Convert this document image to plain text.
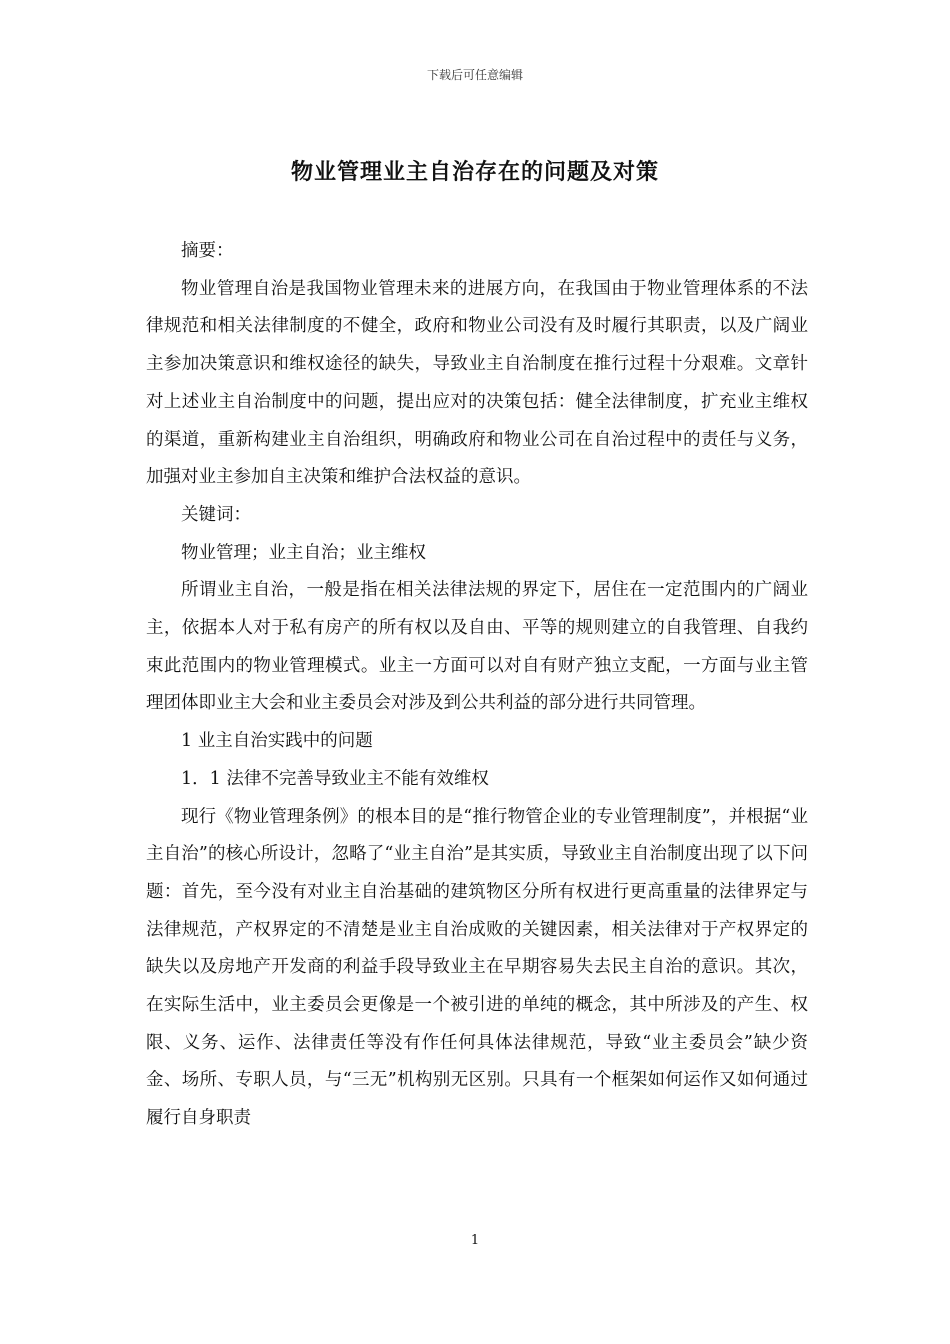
下载后可任意编辑
物业管理业主自治存在的问题及对策

摘要：

物业管理自治是我国物业管理未来的进展方向，在我国由于物业管理体系的不法律规范和相关法律制度的不健全，政府和物业公司没有及时履行其职责，以及广阔业主参加决策意识和维权途径的缺失，导致业主自治制度在推行过程十分艰难。文章针对上述业主自治制度中的问题，提出应对的决策包括：健全法律制度，扩充业主维权的渠道，重新构建业主自治组织，明确政府和物业公司在自治过程中的责任与义务，加强对业主参加自主决策和维护合法权益的意识。

关键词：

物业管理；业主自治；业主维权

所谓业主自治，一般是指在相关法律法规的界定下，居住在一定范围内的广阔业主，依据本人对于私有房产的所有权以及自由、平等的规则建立的自我管理、自我约束此范围内的物业管理模式。业主一方面可以对自有财产独立支配，一方面与业主管理团体即业主大会和业主委员会对涉及到公共利益的部分进行共同管理。

1 业主自治实践中的问题

1．1 法律不完善导致业主不能有效维权

现行《物业管理条例》的根本目的是“推行物管企业的专业管理制度”，并根据“业主自治”的核心所设计，忽略了“业主自治”是其实质，导致业主自治制度出现了以下问题：首先，至今没有对业主自治基础的建筑物区分所有权进行更高重量的法律界定与法律规范，产权界定的不清楚是业主自治成败的关键因素，相关法律对于产权界定的缺失以及房地产开发商的利益手段导致业主在早期容易失去民主自治的意识。其次，在实际生活中，业主委员会更像是一个被引进的单纯的概念，其中所涉及的产生、权限、义务、运作、法律责任等没有作任何具体法律规范，导致“业主委员会”缺少资金、场所、专职人员，与“三无”机构别无区别。只具有一个框架如何运作又如何通过履行自身职责

1
